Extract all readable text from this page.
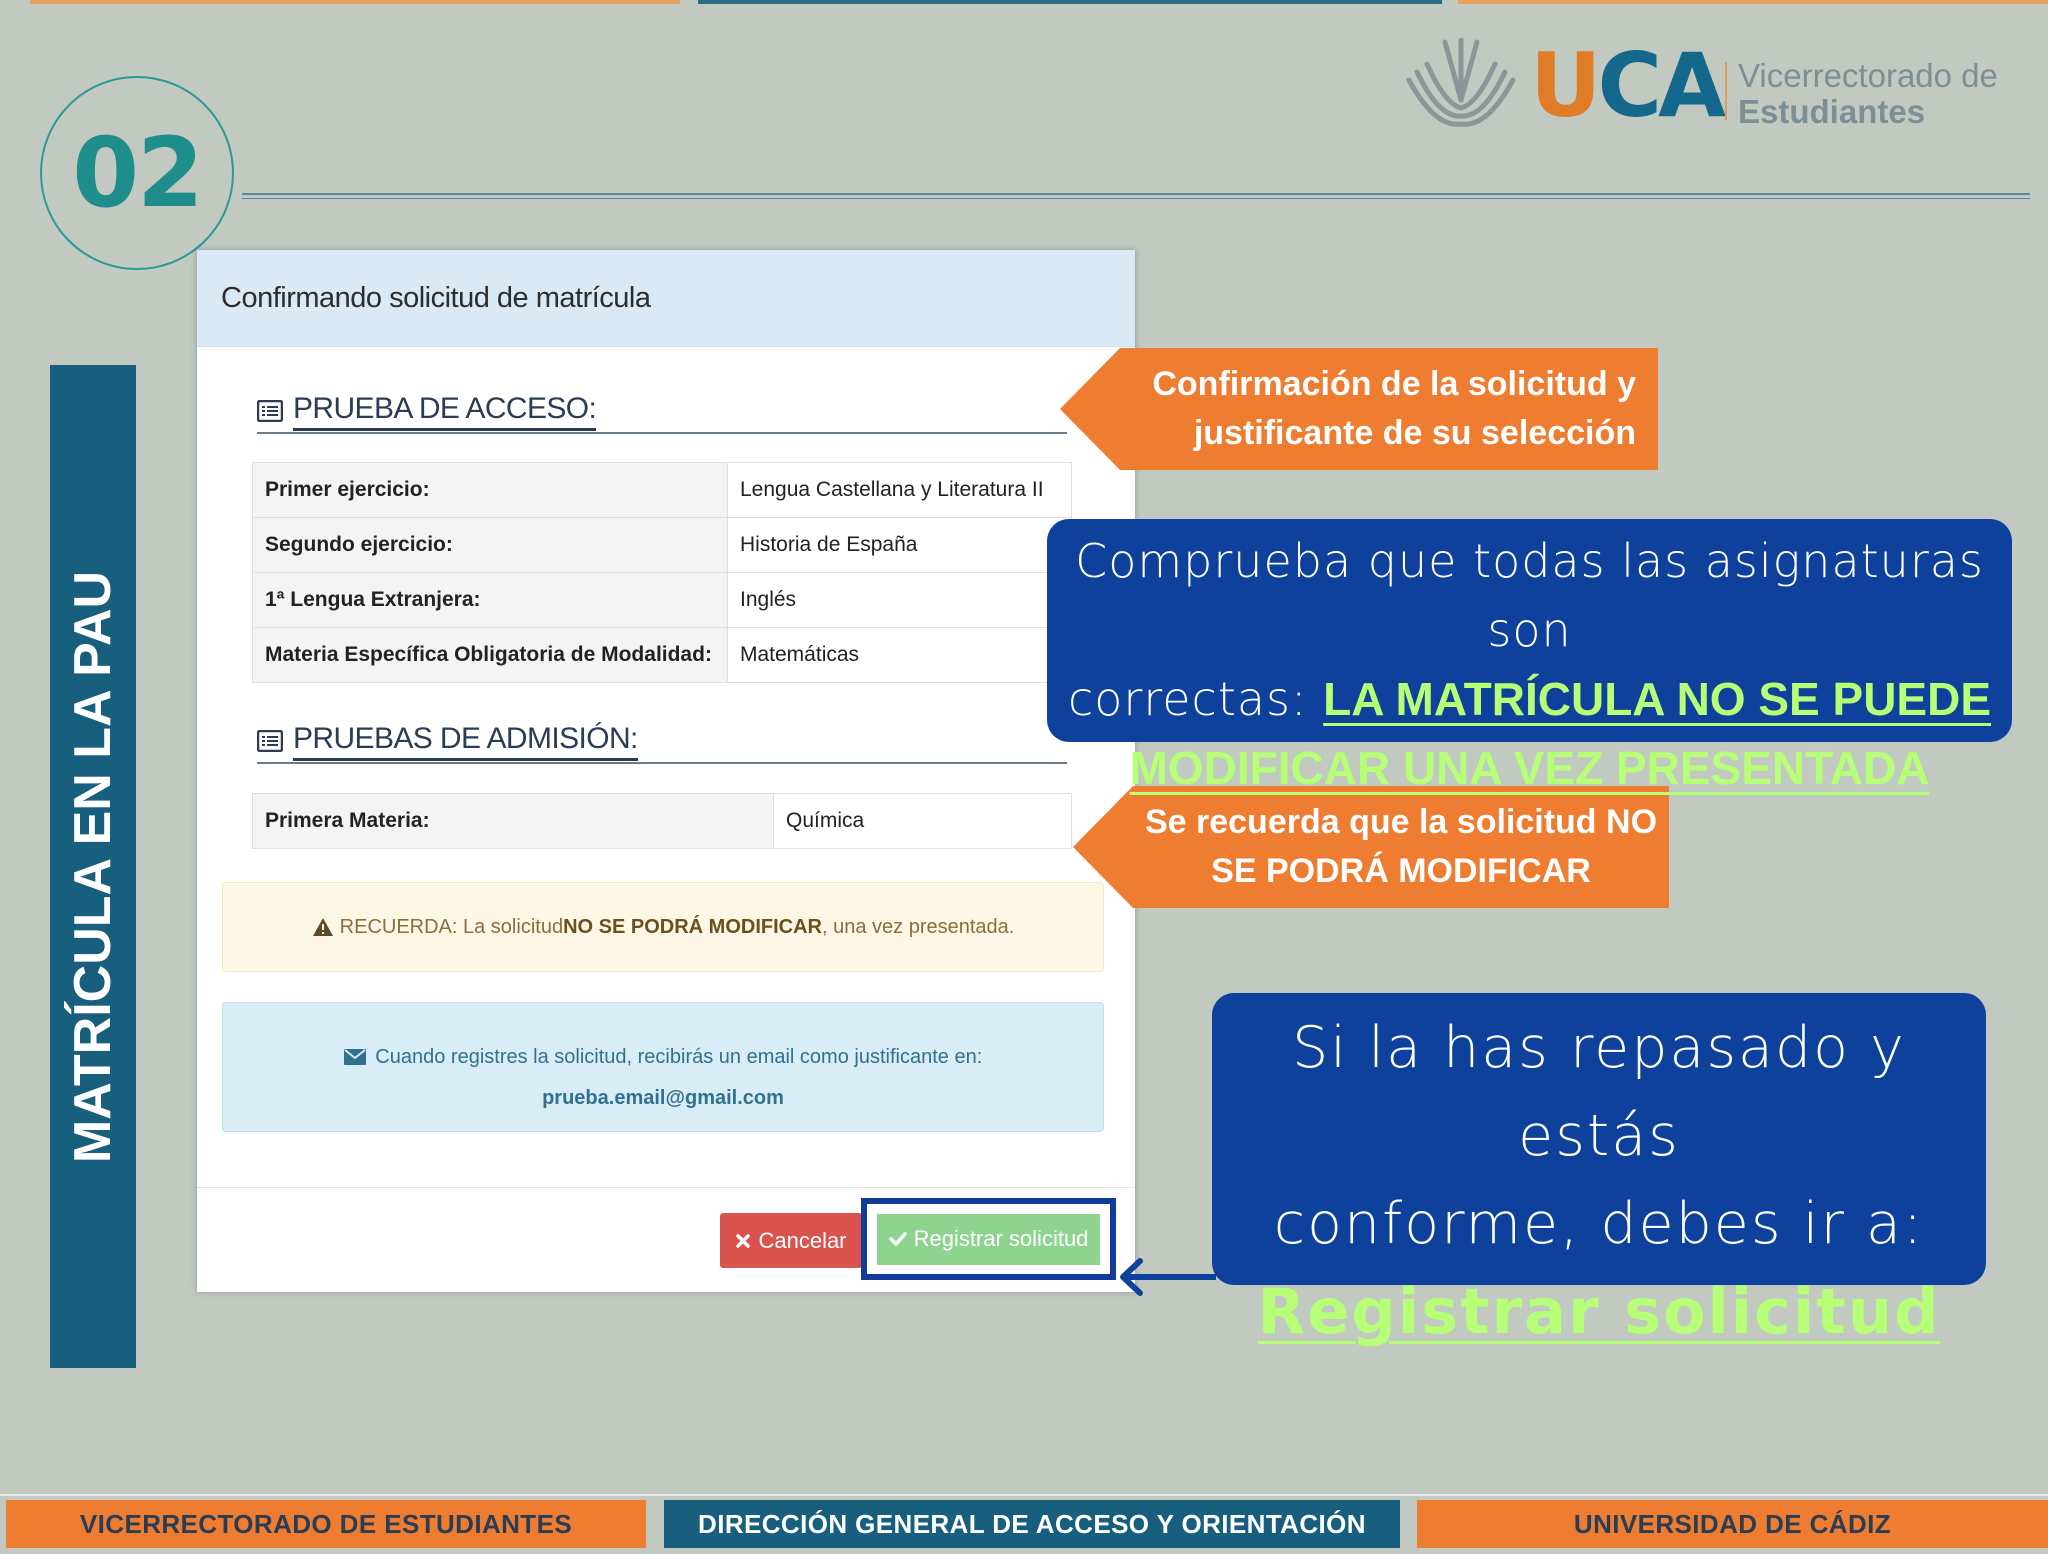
02
UCA Vicerrectorado de
Estudiantes
MATRÍCULA EN LA PAU
Confirmando solicitud de matrícula
PRUEBA DE ACCESO:
Primer ejercicio:	Lengua Castellana y Literatura II
Segundo ejercicio:	Historia de España
1ª Lengua Extranjera:	Inglés
Materia Específica Obligatoria de Modalidad:	Matemáticas
PRUEBAS DE ADMISIÓN:
Primera Materia:	Química
RECUERDA: La solicitud NO SE PODRÁ MODIFICAR , una vez presentada.
Cuando registres la solicitud, recibirás un email como justificante en:
prueba.email@gmail.com
Cancelar	Registrar solicitud
Confirmación de la solicitud y
justificante de su selección
Se recuerda que la solicitud NO
SE PODRÁ MODIFICAR
Comprueba que todas las asignaturas son
correctas: LA MATRÍCULA NO SE PUEDE
MODIFICAR UNA VEZ PRESENTADA
Si la has repasado y estás
conforme, debes ir a:
Registrar solicitud
VICERRECTORADO DE ESTUDIANTES	DIRECCIÓN GENERAL DE ACCESO Y ORIENTACIÓN	UNIVERSIDAD DE CÁDIZ
